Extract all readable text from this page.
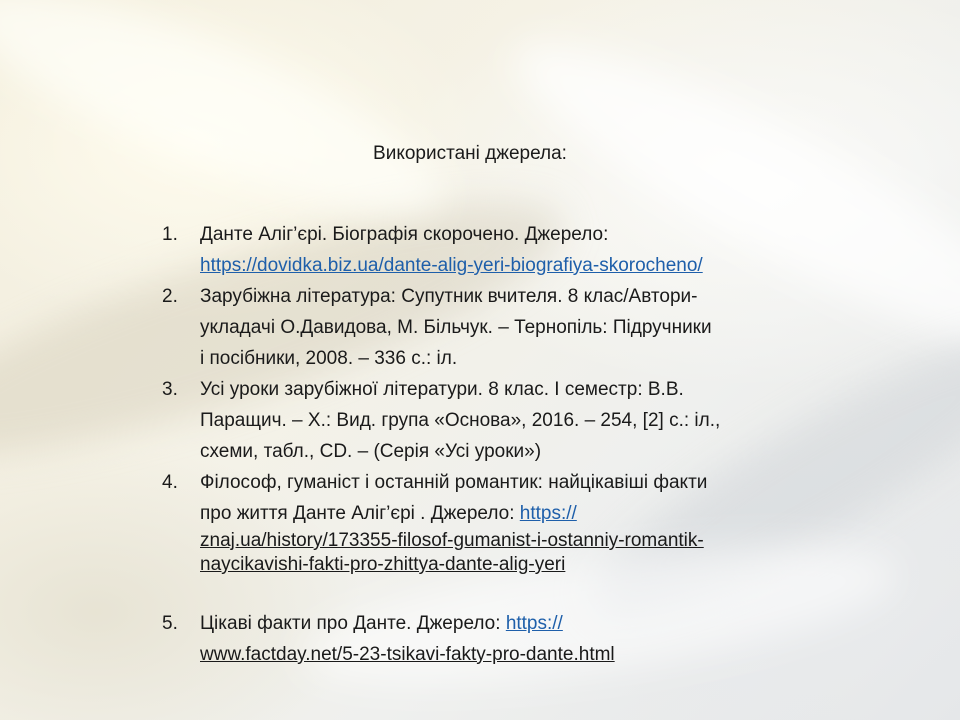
Використані джерела:
1. Данте Аліг’єрі. Біографія скорочено. Джерело:
https://dovidka.biz.ua/dante-alig-yeri-biografiya-skorocheno/
2. Зарубіжна література: Супутник вчителя. 8 клас/Автори-
укладачі О.Давидова, М. Більчук. – Тернопіль: Підручники
і посібники, 2008. – 336 с.: іл.
3. Усі уроки зарубіжної літератури. 8 клас. І семестр: В.В.
Паращич. – Х.: Вид. група «Основа», 2016. – 254, [2] с.: іл.,
схеми, табл., CD. – (Серія «Усі уроки»)
4. Філософ, гуманіст і останній романтик: найцікавіші факти
про життя Данте Аліг’єрі . Джерело: https://
znaj.ua/history/173355-filosof-gumanist-i-ostanniy-romantik-
naycikavishi-fakti-pro-zhittya-dante-alig-yeri
5. Цікаві факти про Данте. Джерело: https://
www.factday.net/5-23-tsikavi-fakty-pro-dante.html
